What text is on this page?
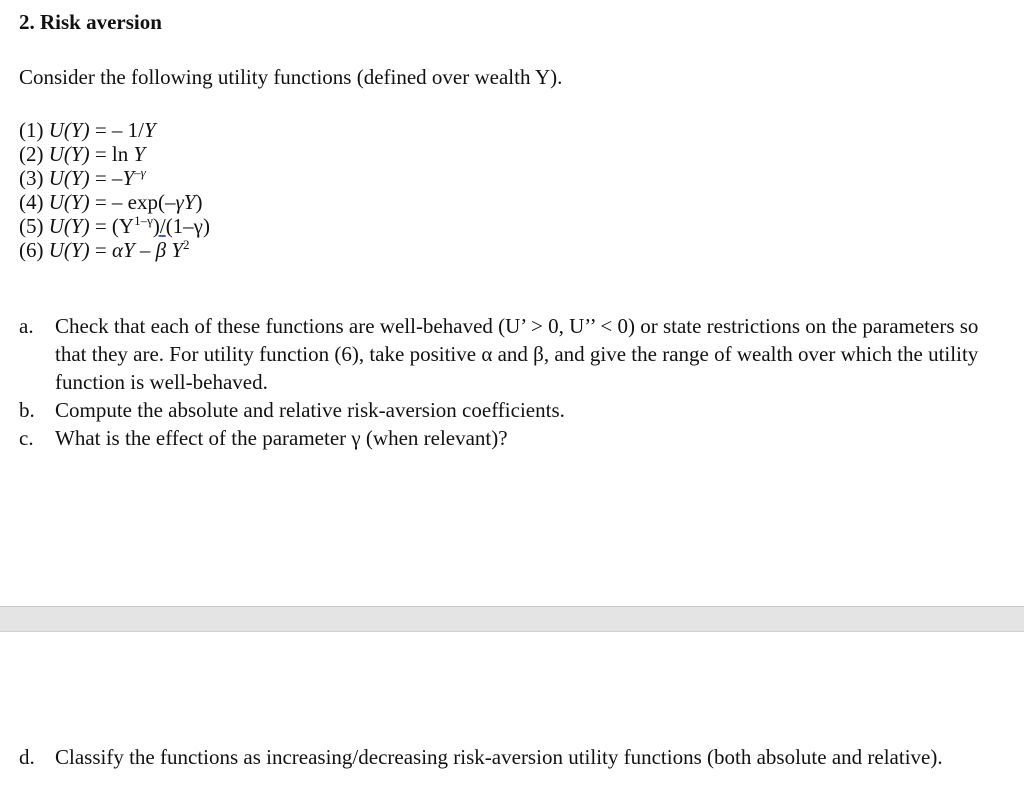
2. Risk aversion
Consider the following utility functions (defined over wealth Y).
(1) U(Y) = – 1/Y
(2) U(Y) = ln Y
(3) $U(Y) = -Y^{-\gamma}$
(4) U(Y) = – exp(–γY)
(5) $U(Y) = (Y^{1-\gamma})/(1-\gamma)$
(6) U(Y) = αY – β $Y^2$
a.	Check that each of these functions are well-behaved (U’ > 0, U’’ < 0) or state restrictions on the parameters so that they are. For utility function (6), take positive α and β, and give the range of wealth over which the utility function is well-behaved.
b. Compute the absolute and relative risk-aversion coefficients.
c.	What is the effect of the parameter γ (when relevant)?
d. Classify the functions as increasing/decreasing risk-aversion utility functions (both absolute and relative).
